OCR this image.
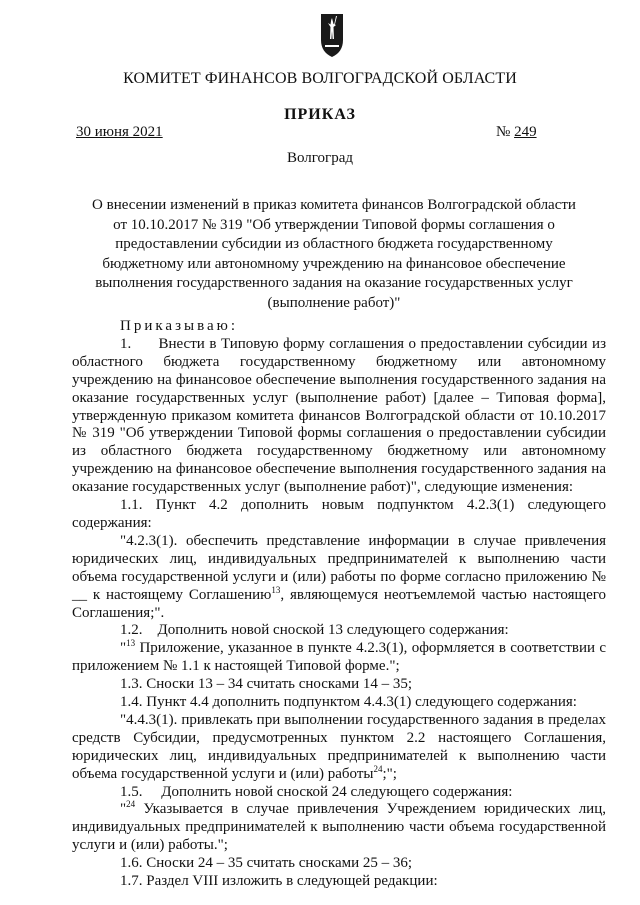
КОМИТЕТ ФИНАНСОВ ВОЛГОГРАДСКОЙ ОБЛАСТИ
ПРИКАЗ
30 июня 2021	№ 249
Волгоград
О внесении изменений в приказ комитета финансов Волгоградской области от 10.10.2017 № 319 "Об утверждении Типовой формы соглашения о предоставлении субсидии из областного бюджета государственному бюджетному или автономному учреждению на финансовое обеспечение выполнения государственного задания на оказание государственных услуг (выполнение работ)"

Приказываю:

1.      Внести в Типовую форму соглашения о предоставлении субсидии из областного бюджета государственному бюджетному или автономному учреждению на финансовое обеспечение выполнения государственного задания на оказание государственных услуг (выполнение работ) [далее – Типовая форма], утвержденную приказом комитета финансов Волгоградской области от 10.10.2017 № 319 "Об утверждении Типовой формы соглашения о предоставлении субсидии из областного бюджета государственному бюджетному или автономному учреждению на финансовое обеспечение выполнения государственного задания на оказание государственных услуг (выполнение работ)", следующие изменения:

1.1. Пункт 4.2 дополнить новым подпунктом 4.2.3(1) следующего содержания:

"4.2.3(1). обеспечить представление информации в случае привлечения юридических лиц, индивидуальных предпринимателей к выполнению части объема государственной услуги и (или) работы по форме согласно приложению № __ к настоящему Соглашению$^{13}$, являющемуся неотъемлемой частью настоящего Соглашения;".

1.2.    Дополнить новой сноской 13 следующего содержания:

"$^{13}$ Приложение, указанное в пункте 4.2.3(1), оформляется в соответствии с приложением № 1.1 к настоящей Типовой форме.";

1.3. Сноски 13 – 34 считать сносками 14 – 35;

1.4. Пункт 4.4 дополнить подпунктом 4.4.3(1) следующего содержания:

"4.4.3(1). привлекать при выполнении государственного задания в пределах средств Субсидии, предусмотренных пунктом 2.2 настоящего Соглашения, юридических лиц, индивидуальных предпринимателей к выполнению части объема государственной услуги и (или) работы$^{24}$;";

1.5.     Дополнить новой сноской 24 следующего содержания:

"$^{24}$ Указывается в случае привлечения Учреждением юридических лиц, индивидуальных предпринимателей к выполнению части объема государственной услуги и (или) работы.";

1.6. Сноски 24 – 35 считать сносками 25 – 36;

1.7. Раздел VIII изложить в следующей редакции:
